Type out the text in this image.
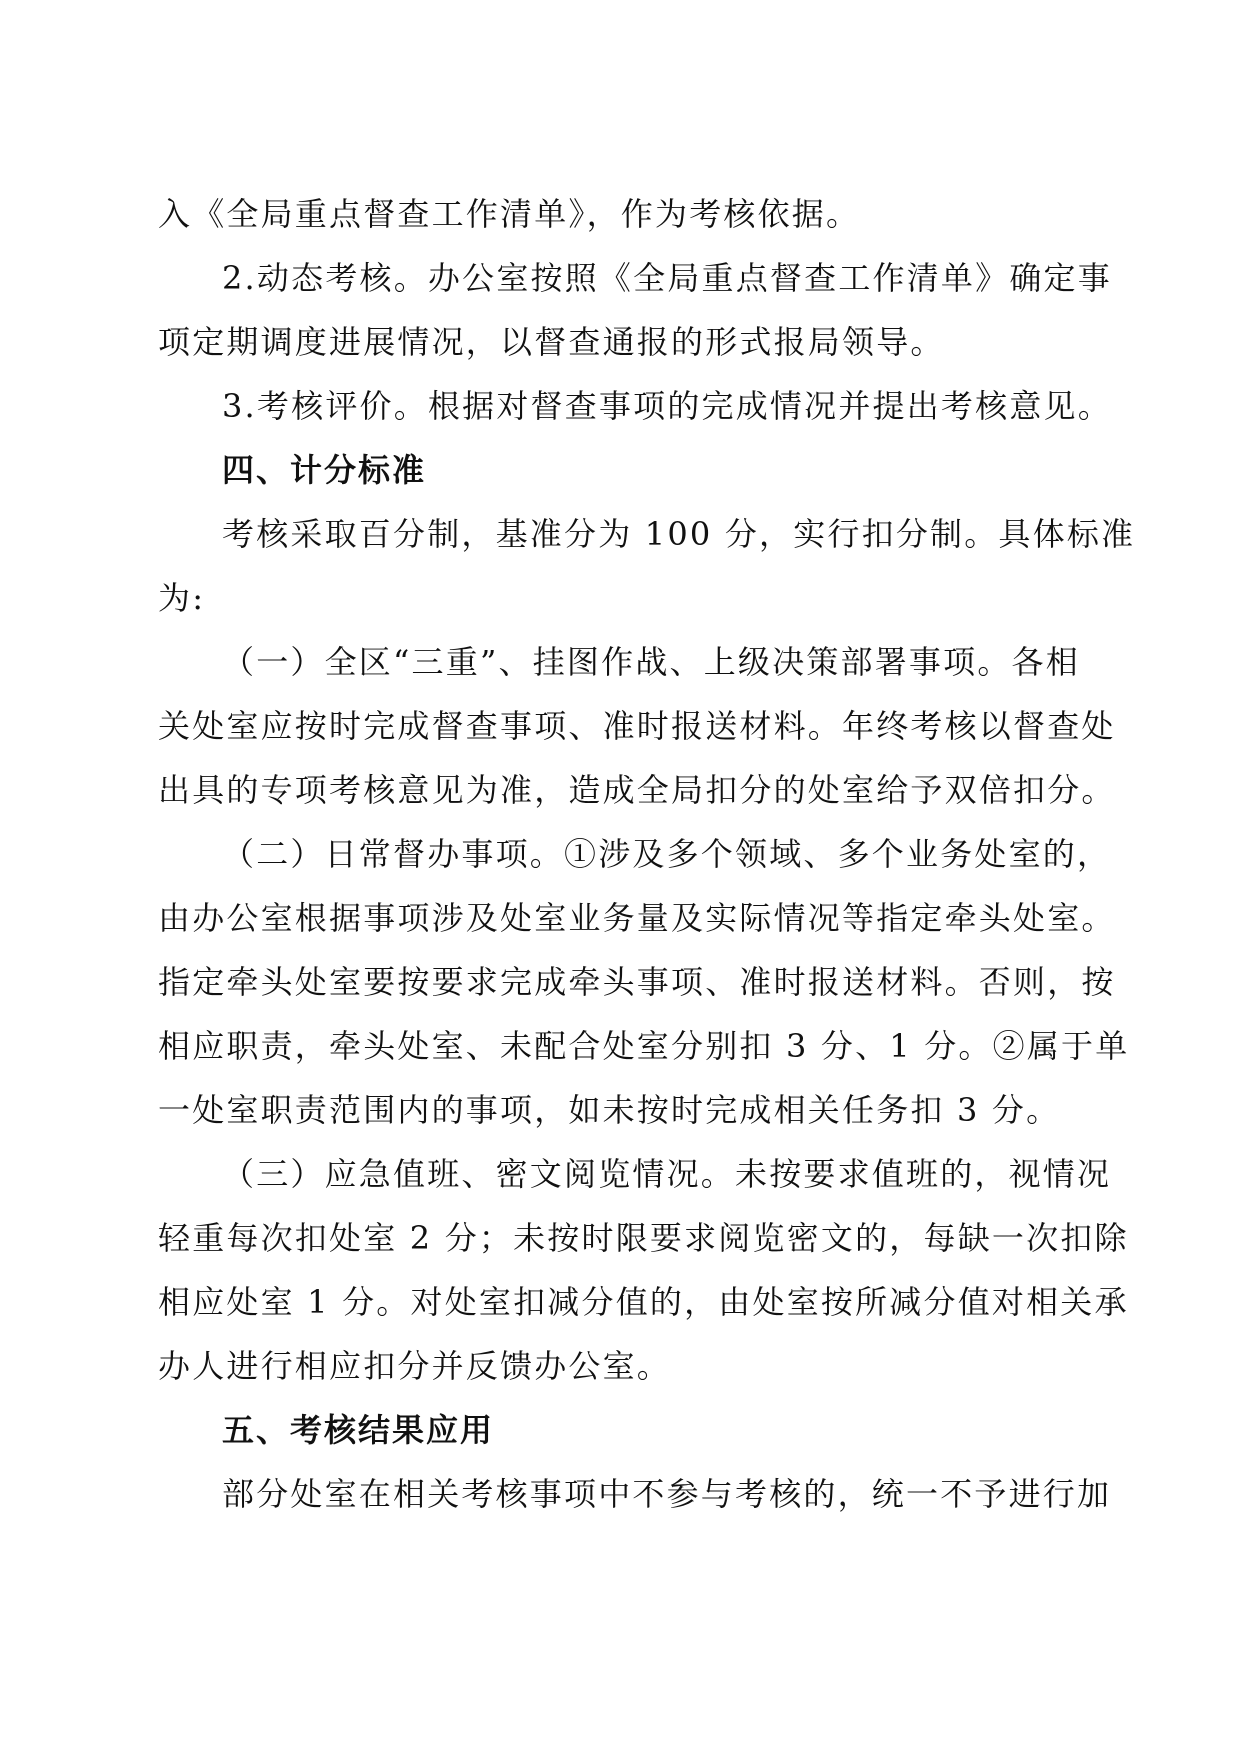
入《全局重点督查工作清单》，作为考核依据。
2.动态考核。办公室按照《全局重点督查工作清单》确定事
项定期调度进展情况，以督查通报的形式报局领导。
3.考核评价。根据对督查事项的完成情况并提出考核意见。
四、计分标准
考核采取百分制，基准分为 100 分，实行扣分制。具体标准
为:
（一）全区“三重”、挂图作战、上级决策部署事项。各相
关处室应按时完成督查事项、准时报送材料。年终考核以督查处
出具的专项考核意见为准，造成全局扣分的处室给予双倍扣分。
（二）日常督办事项。①涉及多个领域、多个业务处室的，
由办公室根据事项涉及处室业务量及实际情况等指定牵头处室。
指定牵头处室要按要求完成牵头事项、准时报送材料。否则，按
相应职责，牵头处室、未配合处室分别扣 3 分、1 分。②属于单
一处室职责范围内的事项，如未按时完成相关任务扣 3 分。
（三）应急值班、密文阅览情况。未按要求值班的，视情况
轻重每次扣处室 2 分；未按时限要求阅览密文的，每缺一次扣除
相应处室 1 分。对处室扣减分值的，由处室按所减分值对相关承
办人进行相应扣分并反馈办公室。
五、考核结果应用
部分处室在相关考核事项中不参与考核的，统一不予进行加
